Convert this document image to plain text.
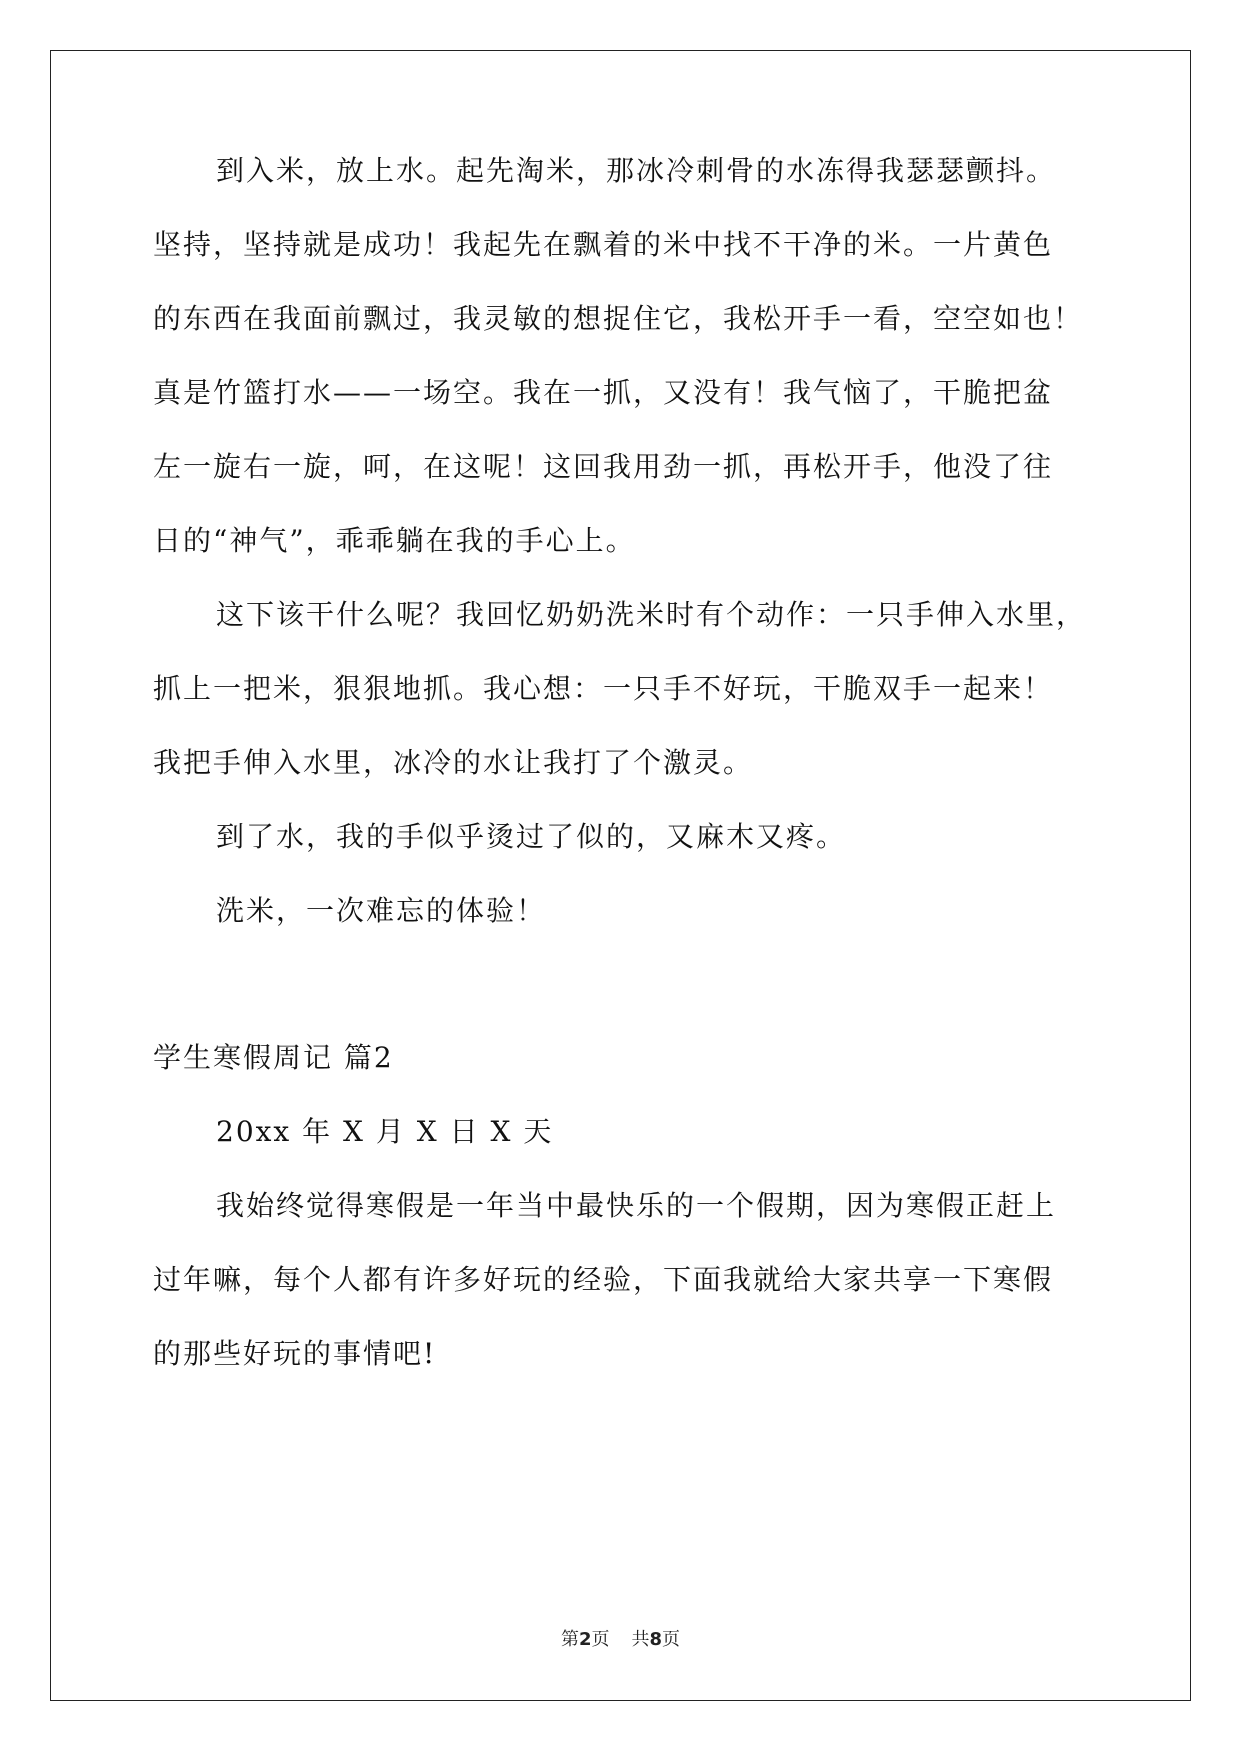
到入米，放上水。起先淘米，那冰冷刺骨的水冻得我瑟瑟颤抖。
坚持，坚持就是成功！我起先在飘着的米中找不干净的米。一片黄色
的东西在我面前飘过，我灵敏的想捉住它，我松开手一看，空空如也！
真是竹篮打水——一场空。我在一抓，又没有！我气恼了，干脆把盆
左一旋右一旋，呵，在这呢！这回我用劲一抓，再松开手，他没了往
日的“神气”，乖乖躺在我的手心上。
这下该干什么呢？我回忆奶奶洗米时有个动作：一只手伸入水里，
抓上一把米，狠狠地抓。我心想：一只手不好玩，干脆双手一起来！
我把手伸入水里，冰冷的水让我打了个激灵。
到了水，我的手似乎烫过了似的，又麻木又疼。
洗米，一次难忘的体验！
学生寒假周记 篇2
20xx 年 X 月 X 日 X 天
我始终觉得寒假是一年当中最快乐的一个假期，因为寒假正赶上
过年嘛，每个人都有许多好玩的经验，下面我就给大家共享一下寒假
的那些好玩的事情吧!
第2页 共8页
